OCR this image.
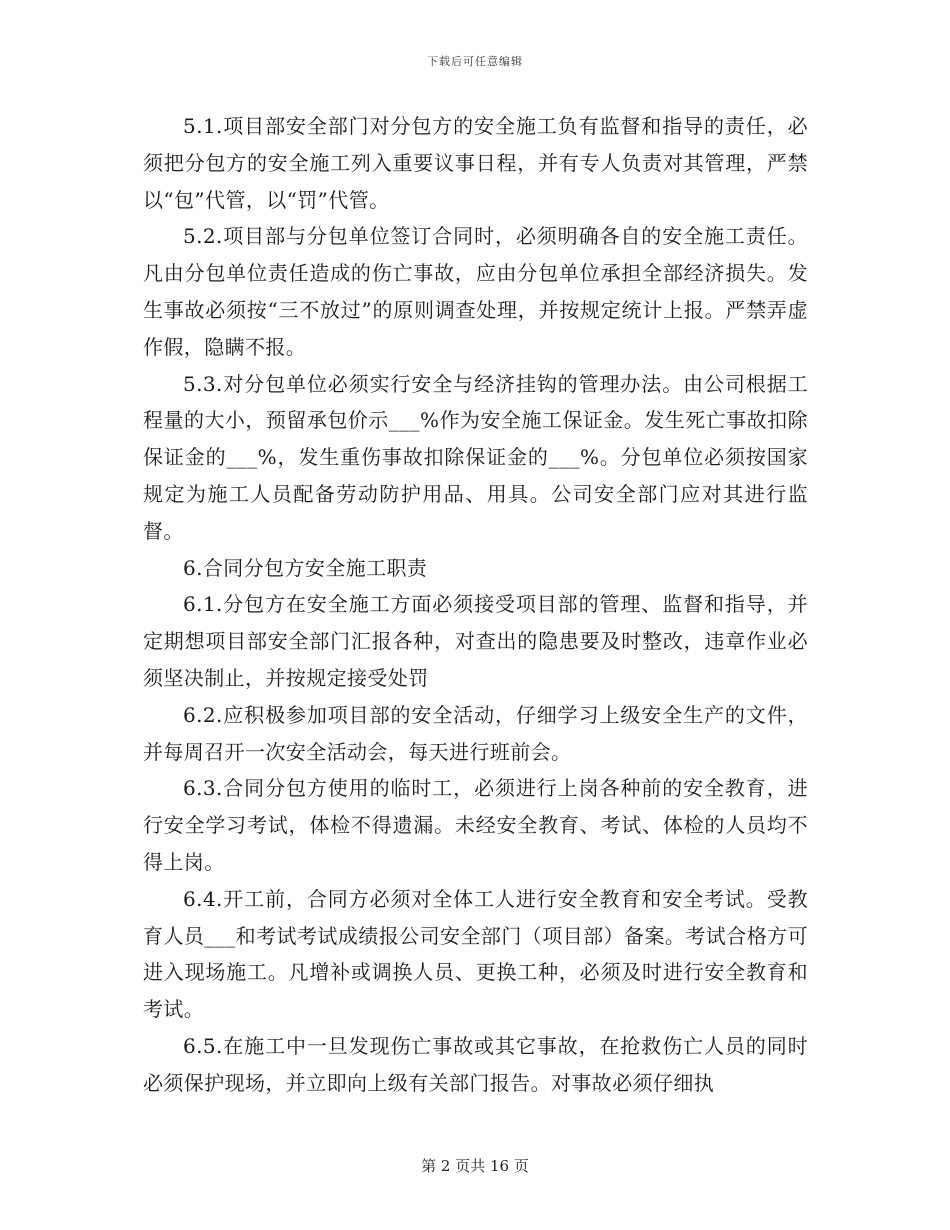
下载后可任意编辑

5.1.项目部安全部门对分包方的安全施工负有监督和指导的责任，必须把分包方的安全施工列入重要议事日程，并有专人负责对其管理，严禁以“包”代管，以“罚”代管。

5.2.项目部与分包单位签订合同时，必须明确各自的安全施工责任。凡由分包单位责任造成的伤亡事故，应由分包单位承担全部经济损失。发生事故必须按“三不放过”的原则调查处理，并按规定统计上报。严禁弄虚作假，隐瞒不报。

5.3.对分包单位必须实行安全与经济挂钩的管理办法。由公司根据工程量的大小，预留承包价示___%作为安全施工保证金。发生死亡事故扣除保证金的___%，发生重伤事故扣除保证金的___%。分包单位必须按国家规定为施工人员配备劳动防护用品、用具。公司安全部门应对其进行监督。

6.合同分包方安全施工职责

6.1.分包方在安全施工方面必须接受项目部的管理、监督和指导，并定期想项目部安全部门汇报各种，对查出的隐患要及时整改，违章作业必须坚决制止，并按规定接受处罚

6.2.应积极参加项目部的安全活动，仔细学习上级安全生产的文件，并每周召开一次安全活动会，每天进行班前会。

6.3.合同分包方使用的临时工，必须进行上岗各种前的安全教育，进行安全学习考试，体检不得遗漏。未经安全教育、考试、体检的人员均不得上岗。

6.4.开工前，合同方必须对全体工人进行安全教育和安全考试。受教育人员___和考试考试成绩报公司安全部门（项目部）备案。考试合格方可进入现场施工。凡增补或调换人员、更换工种，必须及时进行安全教育和考试。

6.5.在施工中一旦发现伤亡事故或其它事故，在抢救伤亡人员的同时必须保护现场，并立即向上级有关部门报告。对事故必须仔细执

第 2 页共 16 页
